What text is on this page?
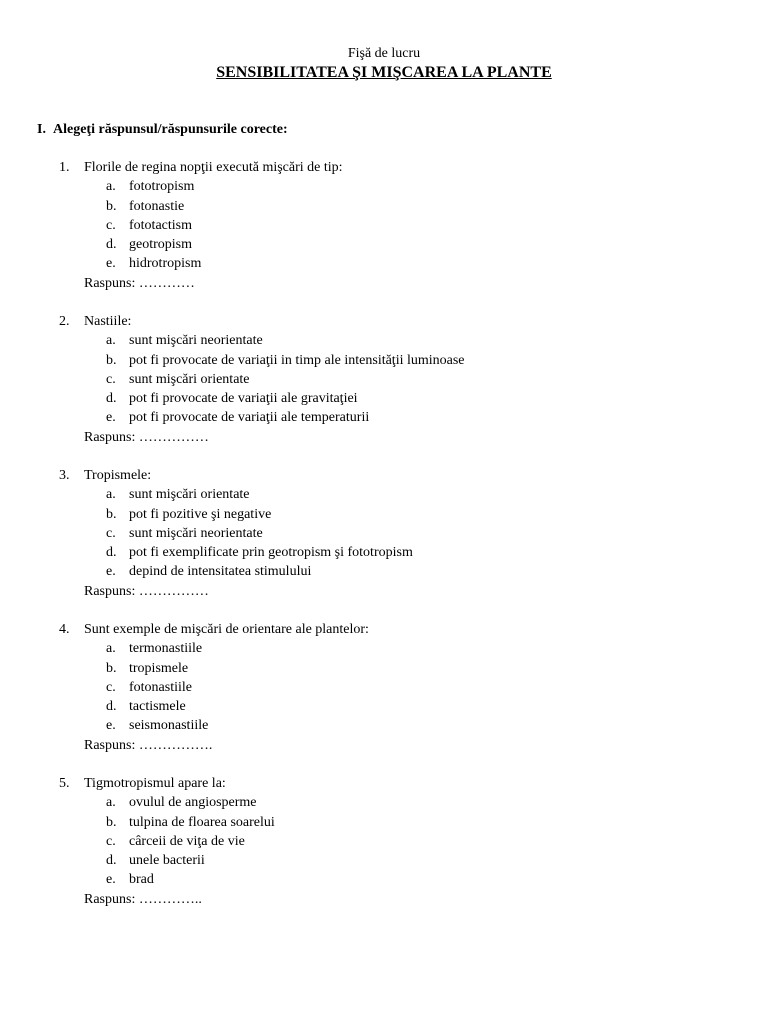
Fişă de lucru
SENSIBILITATEA ŞI MIŞCAREA LA PLANTE
I. Alegeţi răspunsul/răspunsurile corecte:
1. Florile de regina nopţii execută mişcări de tip:
a. fototropism
b. fotonastie
c. fototactism
d. geotropism
e. hidrotropism
Raspuns: …………
2. Nastiile:
a. sunt mişcări neorientate
b. pot fi provocate de variaţii in timp ale intensităţii luminoase
c. sunt mişcări orientate
d. pot fi provocate de variaţii ale gravitaţiei
e. pot fi provocate de variaţii ale temperaturii
Raspuns: ……………
3. Tropismele:
a. sunt mişcări orientate
b. pot fi pozitive şi negative
c. sunt mişcări neorientate
d. pot fi exemplificate prin geotropism şi fototropism
e. depind de intensitatea stimulului
Raspuns: ……………
4. Sunt exemple de mişcări de orientare ale plantelor:
a. termonastiile
b. tropismele
c. fotonastiile
d. tactismele
e. seismonastiile
Raspuns: …………….
5. Tigmotropismul apare la:
a. ovulul de angiosperme
b. tulpina de floarea soarelui
c. cârceii de viţa de vie
d. unele bacterii
e. brad
Raspuns: …………..
